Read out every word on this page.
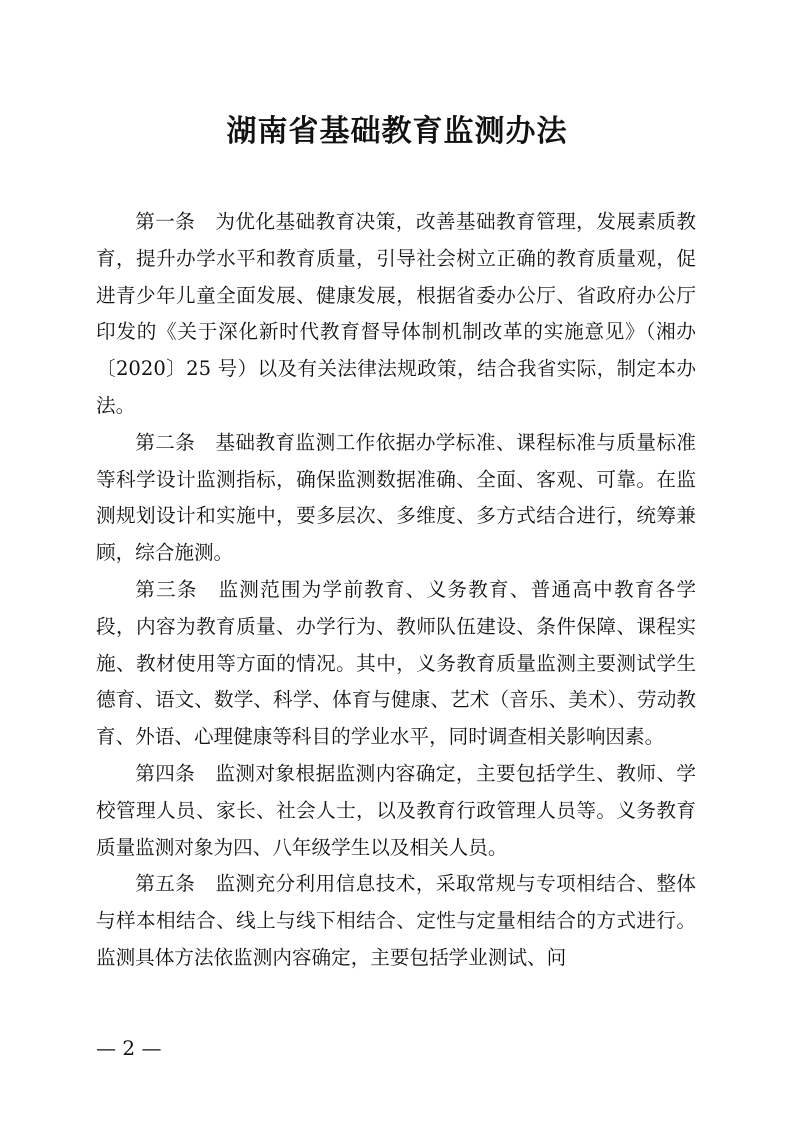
湖南省基础教育监测办法

第一条　为优化基础教育决策，改善基础教育管理，发展素质教育，提升办学水平和教育质量，引导社会树立正确的教育质量观，促进青少年儿童全面发展、健康发展，根据省委办公厅、省政府办公厅印发的《关于深化新时代教育督导体制机制改革的实施意见》（湘办〔2020〕25 号）以及有关法律法规政策，结合我省实际，制定本办法。

第二条　基础教育监测工作依据办学标准、课程标准与质量标准等科学设计监测指标，确保监测数据准确、全面、客观、可靠。在监测规划设计和实施中，要多层次、多维度、多方式结合进行，统筹兼顾，综合施测。

第三条　监测范围为学前教育、义务教育、普通高中教育各学段，内容为教育质量、办学行为、教师队伍建设、条件保障、课程实施、教材使用等方面的情况。其中，义务教育质量监测主要测试学生德育、语文、数学、科学、体育与健康、艺术（音乐、美术）、劳动教育、外语、心理健康等科目的学业水平，同时调查相关影响因素。

第四条　监测对象根据监测内容确定，主要包括学生、教师、学校管理人员、家长、社会人士，以及教育行政管理人员等。义务教育质量监测对象为四、八年级学生以及相关人员。

第五条　监测充分利用信息技术，采取常规与专项相结合、整体与样本相结合、线上与线下相结合、定性与定量相结合的方式进行。监测具体方法依监测内容确定，主要包括学业测试、问

— 2 —
